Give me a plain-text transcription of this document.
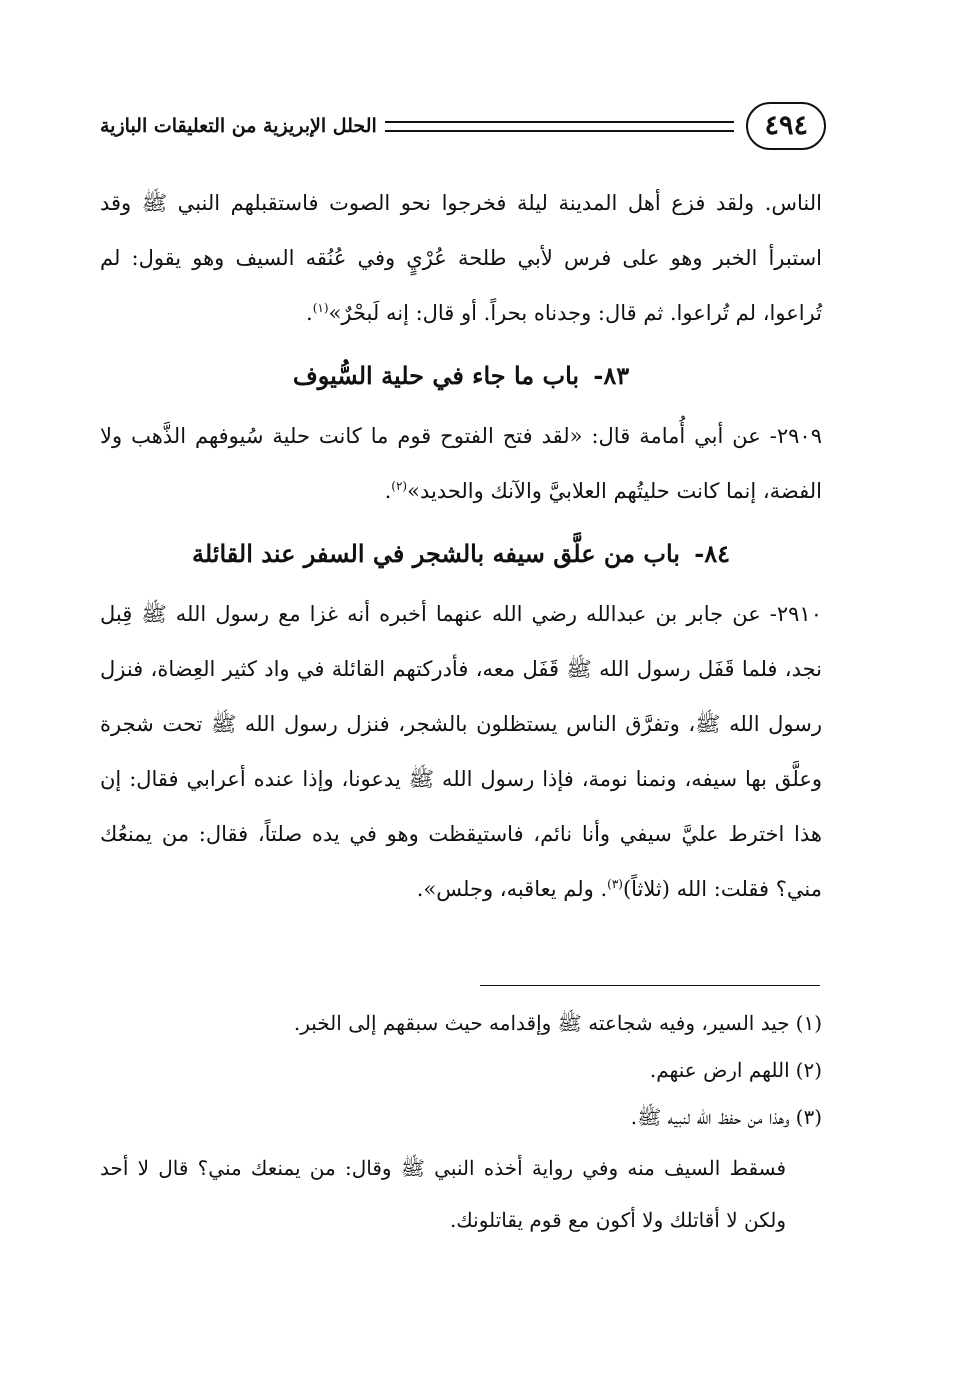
٤٩٤
الحلل الإبريزية من التعليقات البازية

الناس. ولقد فزع أهل المدينة ليلة فخرجوا نحو الصوت فاستقبلهم النبي ﷺ وقد استبرأ الخبر وهو على فرس لأبي طلحة عُرْيٍ وفي عُنُقه السيف وهو يقول: لم تُراعوا، لم تُراعوا. ثم قال: وجدناه بحراً. أو قال: إنه لَبحْرٌ»$^{(١)}$.

٨٣- باب ما جاء في حلية السُّيوف

٢٩٠٩- عن أبي أُمامة قال: «لقد فتح الفتوح قوم ما كانت حلية سُيوفهم الذَّهب ولا الفضة، إنما كانت حليتُهم العلابيَّ والآنك والحديد»$^{(٢)}$.

٨٤- باب من علَّق سيفه بالشجر في السفر عند القائلة

٢٩١٠- عن جابر بن عبدالله رضي الله عنهما أخبره أنه غزا مع رسول الله ﷺ قِبل نجد، فلما قَفَل رسول الله ﷺ قَفَل معه، فأدركتهم القائلة في واد كثير العِضاة، فنزل رسول الله ﷺ، وتفرَّق الناس يستظلون بالشجر، فنزل رسول الله ﷺ تحت شجرة وعلَّق بها سيفه، ونمنا نومة، فإذا رسول الله ﷺ يدعونا، وإذا عنده أعرابي فقال: إن هذا اخترط عليَّ سيفي وأنا نائم، فاستيقظت وهو في يده صلتاً، فقال: من يمنعُك مني؟ فقلت: الله (ثلاثاً)$^{(٣)}$. ولم يعاقبه، وجلس».

(١)جيد السير، وفيه شجاعته ﷺ وإقدامه حيث سبقهم إلى الخبر.

(٢)اللهم ارض عنهم.

(٣)وهذا من حفظ الله لنبيه ﷺ.

فسقط السيف منه وفي رواية أخذه النبي ﷺ وقال: من يمنعك مني؟ قال لا أحد ولكن لا أقاتلك ولا أكون مع قوم يقاتلونك.
